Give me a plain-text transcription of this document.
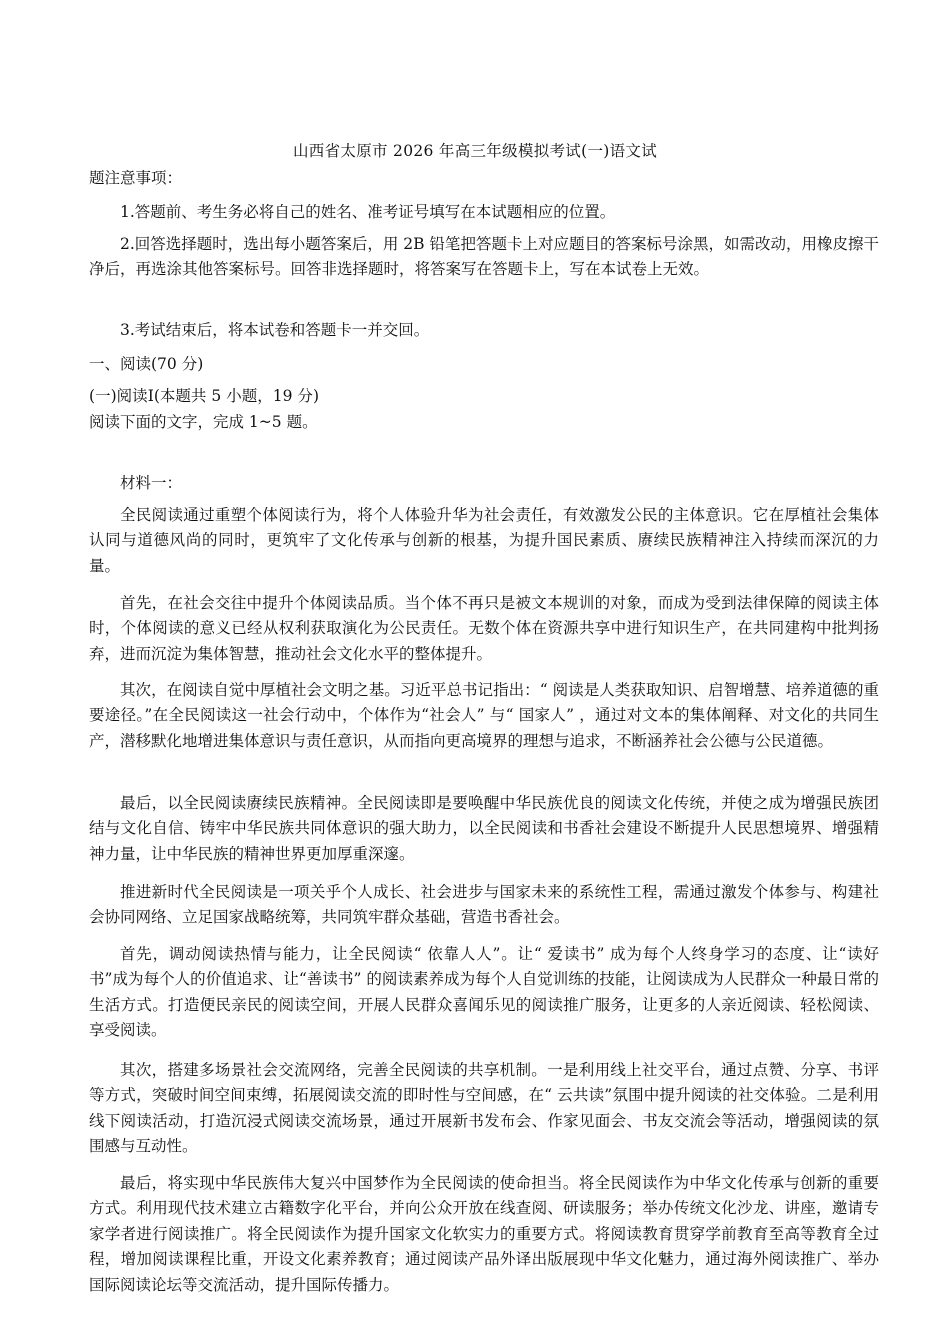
山西省太原市 2026 年高三年级模拟考试(一)语文试
题注意事项：
1.答题前、考生务必将自己的姓名、准考证号填写在本试题相应的位置。
2.回答选择题时，选出每小题答案后，用 2B 铅笔把答题卡上对应题目的答案标号涂黑，如需改动，用橡皮擦干净后，再选涂其他答案标号。回答非选择题时，将答案写在答题卡上，写在本试卷上无效。
3.考试结束后，将本试卷和答题卡一并交回。
一、阅读(70 分)
(一)阅读I(本题共 5 小题，19 分)阅读下面的文字，完成 1~5 题。
材料一：
全民阅读通过重塑个体阅读行为，将个人体验升华为社会责任，有效激发公民的主体意识。它在厚植社会集体认同与道德风尚的同时，更筑牢了文化传承与创新的根基，为提升国民素质、赓续民族精神注入持续而深沉的力量。
首先，在社会交往中提升个体阅读品质。当个体不再只是被文本规训的对象，而成为受到法律保障的阅读主体时，个体阅读的意义已经从权利获取演化为公民责任。无数个体在资源共享中进行知识生产，在共同建构中批判扬弃，进而沉淀为集体智慧，推动社会文化水平的整体提升。
其次，在阅读自觉中厚植社会文明之基。习近平总书记指出：“ 阅读是人类获取知识、启智增慧、培养道德的重要途径。”在全民阅读这一社会行动中，个体作为“社会人” 与“ 国家人” ，通过对文本的集体阐释、对文化的共同生产，潜移默化地增进集体意识与责任意识，从而指向更高境界的理想与追求，不断涵养社会公德与公民道德。
最后，以全民阅读赓续民族精神。全民阅读即是要唤醒中华民族优良的阅读文化传统，并使之成为增强民族团结与文化自信、铸牢中华民族共同体意识的强大助力，以全民阅读和书香社会建设不断提升人民思想境界、增强精神力量，让中华民族的精神世界更加厚重深邃。
推进新时代全民阅读是一项关乎个人成长、社会进步与国家未来的系统性工程，需通过激发个体参与、构建社会协同网络、立足国家战略统筹，共同筑牢群众基础，营造书香社会。
首先，调动阅读热情与能力，让全民阅读“ 依靠人人”。让“ 爱读书” 成为每个人终身学习的态度、让“读好书”成为每个人的价值追求、让“善读书” 的阅读素养成为每个人自觉训练的技能，让阅读成为人民群众一种最日常的生活方式。打造便民亲民的阅读空间，开展人民群众喜闻乐见的阅读推广服务，让更多的人亲近阅读、轻松阅读、享受阅读。
其次，搭建多场景社会交流网络，完善全民阅读的共享机制。一是利用线上社交平台，通过点赞、分享、书评等方式，突破时间空间束缚，拓展阅读交流的即时性与空间感，在“ 云共读”氛围中提升阅读的社交体验。二是利用线下阅读活动，打造沉浸式阅读交流场景，通过开展新书发布会、作家见面会、书友交流会等活动，增强阅读的氛围感与互动性。
最后，将实现中华民族伟大复兴中国梦作为全民阅读的使命担当。将全民阅读作为中华文化传承与创新的重要方式。利用现代技术建立古籍数字化平台，并向公众开放在线查阅、研读服务；举办传统文化沙龙、讲座，邀请专家学者进行阅读推广。将全民阅读作为提升国家文化软实力的重要方式。将阅读教育贯穿学前教育至高等教育全过程，增加阅读课程比重，开设文化素养教育；通过阅读产品外译出版展现中华文化魅力，通过海外阅读推广、举办国际阅读论坛等交流活动，提升国际传播力。
